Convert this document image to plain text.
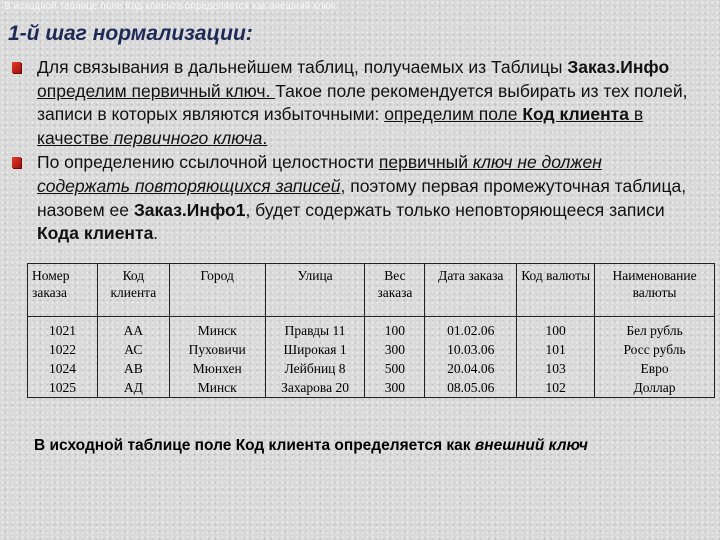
В исходной таблице поле Код клиента определяется как внешний ключ
1-й шаг нормализации:
Для связывания в дальнейшем таблиц, получаемых из Таблицы Заказ.Инфо определим первичный ключ. Такое поле рекомендуется выбирать из тех полей, записи в которых являются избыточными: определим поле Код клиента в качестве первичного ключа.
По определению ссылочной целостности первичный ключ не должен содержать повторяющихся записей, поэтому первая промежуточная таблица, назовем ее Заказ.Инфо1, будет содержать только неповторяющееся записи Кода клиента.
Номер заказа	Код клиента	Город	Улица	Вес заказа	Дата заказа	Код валюты	Наименование валюты
1021	АА	Минск	Правды 11	100	01.02.06	100	Бел рубль
1022	АС	Пуховичи	Широкая 1	300	10.03.06	101	Росс рубль
1024	АВ	Мюнхен	Лейбниц 8	500	20.04.06	103	Евро
1025	АД	Минск	Захарова 20	300	08.05.06	102	Доллар
В исходной таблице поле Код клиента определяется как внешний ключ
